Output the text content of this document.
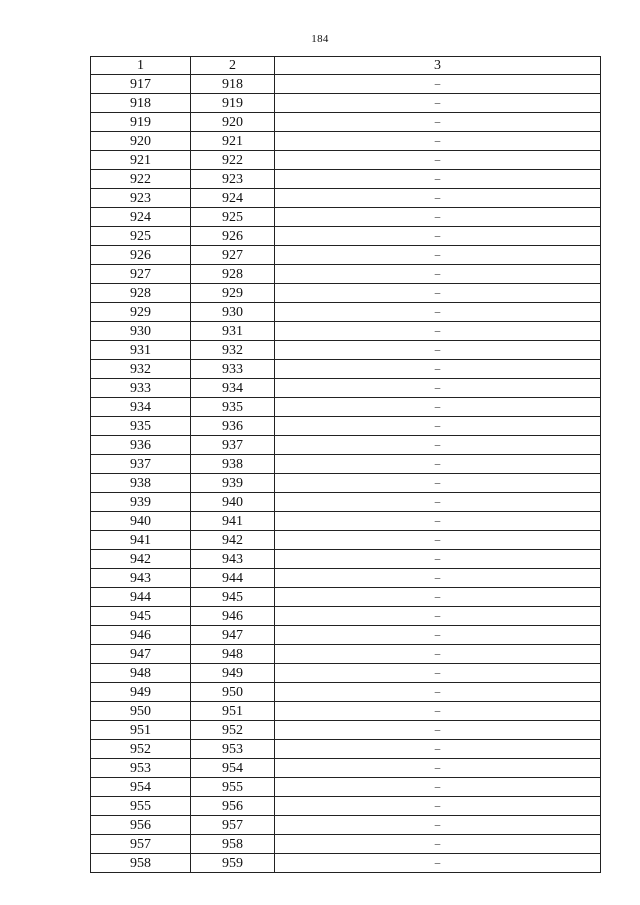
184
1	2	3
917	918	–
918	919	–
919	920	–
920	921	–
921	922	–
922	923	–
923	924	–
924	925	–
925	926	–
926	927	–
927	928	–
928	929	–
929	930	–
930	931	–
931	932	–
932	933	–
933	934	–
934	935	–
935	936	–
936	937	–
937	938	–
938	939	–
939	940	–
940	941	–
941	942	–
942	943	–
943	944	–
944	945	–
945	946	–
946	947	–
947	948	–
948	949	–
949	950	–
950	951	–
951	952	–
952	953	–
953	954	–
954	955	–
955	956	–
956	957	–
957	958	–
958	959	–
